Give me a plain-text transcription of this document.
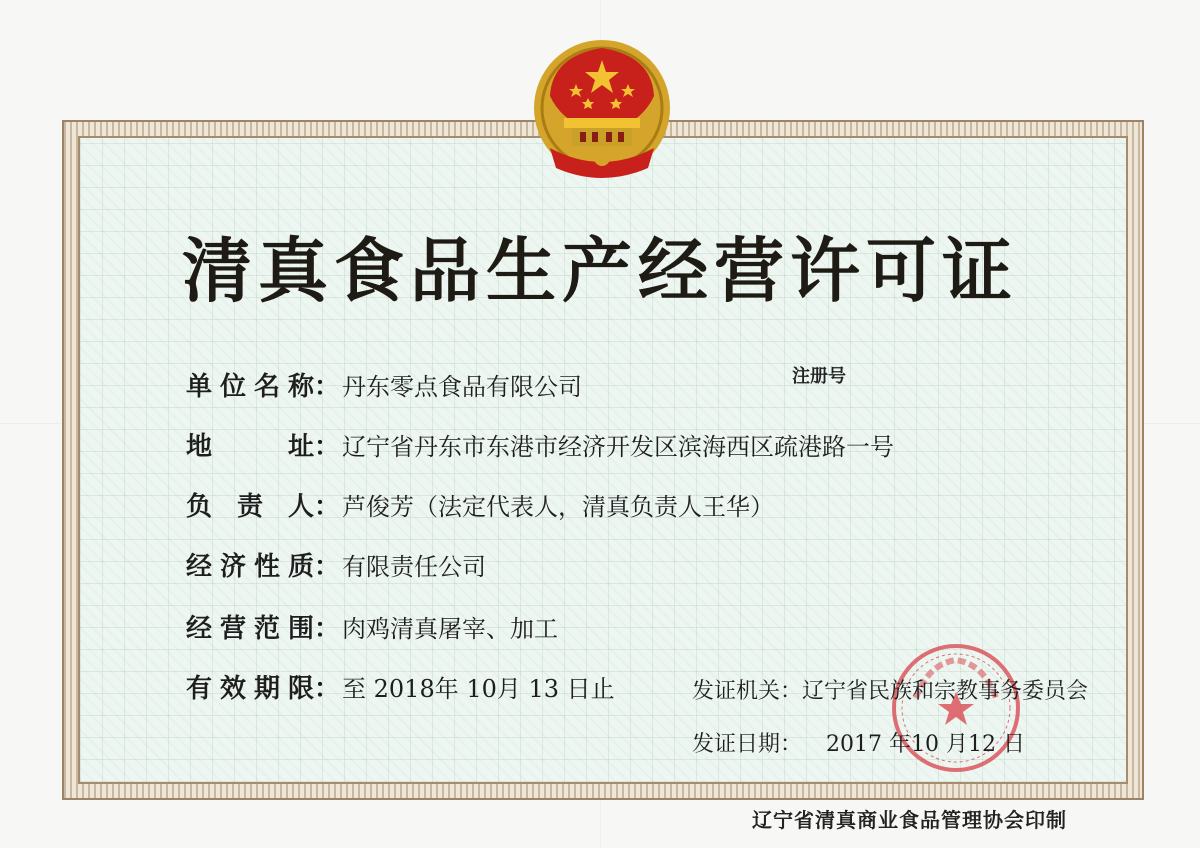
清真食品生产经营许可证
注册号
单位名称：丹东零点食品有限公司
地址：辽宁省丹东市东港市经济开发区滨海西区疏港路一号
负责人：芦俊芳（法定代表人，清真负责人王华）
经济性质：有限责任公司
经营范围：肉鸡清真屠宰、加工
有效期限：至 2018年 10月 13 日止	发证机关：辽宁省民族和宗教事务委员会
发证日期： 2017 年10 月12 日
辽宁省清真商业食品管理协会印制
